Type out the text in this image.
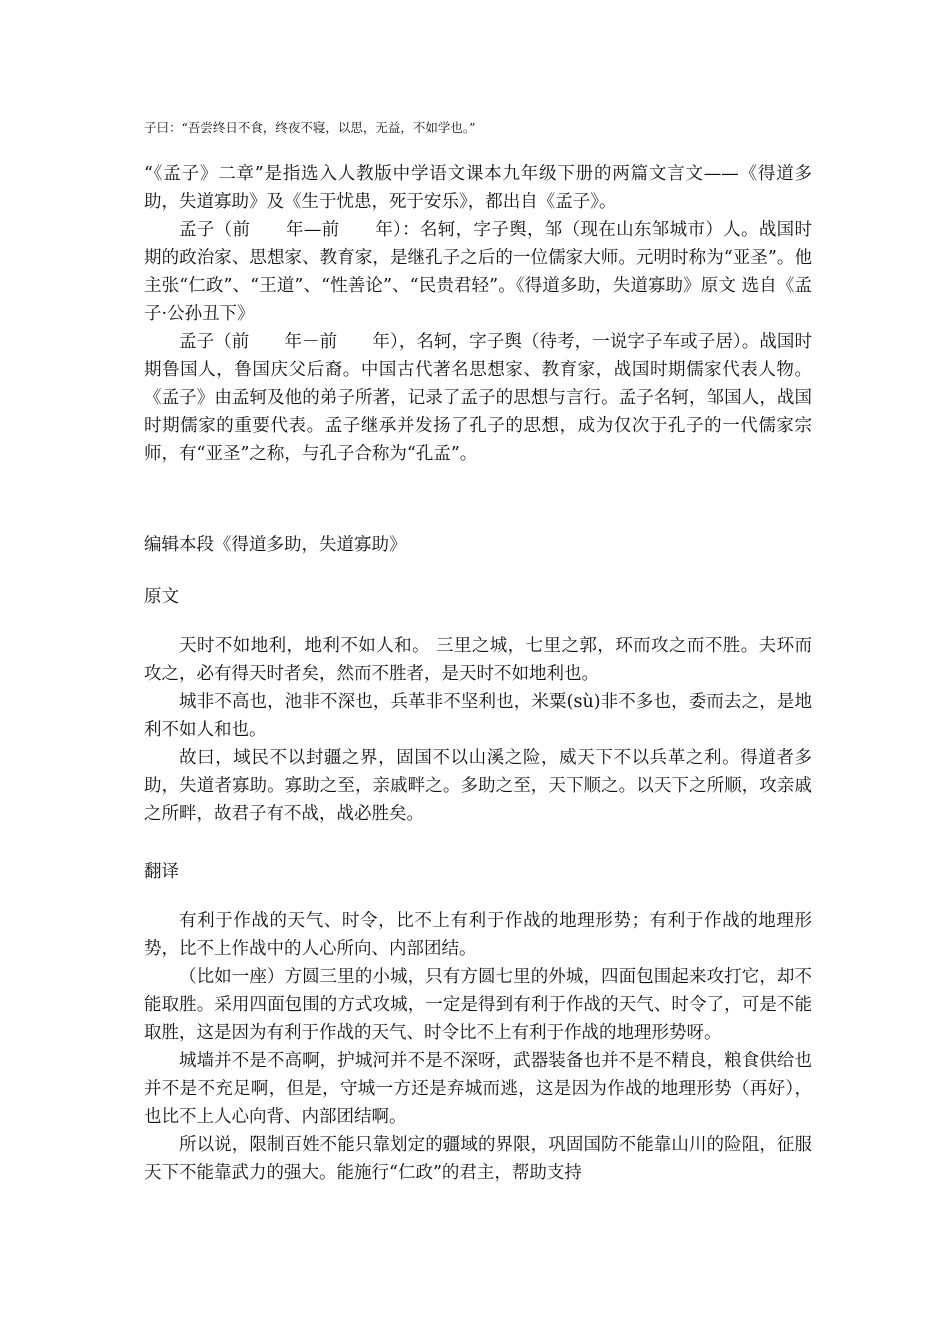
子曰：“吾尝终日不食，终夜不寝，以思，无益，不如学也。”

“《孟子》二章”是指选入人教版中学语文课本九年级下册的两篇文言文——《得道多助，失道寡助》及《生于忧患，死于安乐》，都出自《孟子》。

孟子（前　　年—前　　年）：名轲，字子舆，邹（现在山东邹城市）人。战国时期的政治家、思想家、教育家，是继孔子之后的一位儒家大师。元明时称为“亚圣”。他主张“仁政”、“王道”、“性善论”、“民贵君轻”。《得道多助，失道寡助》原文 选自《孟子·公孙丑下》

孟子（前　　年－前　　年），名轲，字子舆（待考，一说字子车或子居）。战国时期鲁国人，鲁国庆父后裔。中国古代著名思想家、教育家，战国时期儒家代表人物。《孟子》由孟轲及他的弟子所著，记录了孟子的思想与言行。孟子名轲，邹国人，战国时期儒家的重要代表。孟子继承并发扬了孔子的思想，成为仅次于孔子的一代儒家宗师，有“亚圣”之称，与孔子合称为“孔孟”。

编辑本段《得道多助，失道寡助》
原文

天时不如地利，地利不如人和。 三里之城，七里之郭，环而攻之而不胜。夫环而攻之，必有得天时者矣，然而不胜者，是天时不如地利也。

城非不高也，池非不深也，兵革非不坚利也，米粟(sù)非不多也，委而去之，是地利不如人和也。

故曰，域民不以封疆之界，固国不以山溪之险，威天下不以兵革之利。得道者多助，失道者寡助。寡助之至，亲戚畔之。多助之至，天下顺之。以天下之所顺，攻亲戚之所畔，故君子有不战，战必胜矣。

翻译

有利于作战的天气、时令，比不上有利于作战的地理形势；有利于作战的地理形势，比不上作战中的人心所向、内部团结。

（比如一座）方圆三里的小城，只有方圆七里的外城，四面包围起来攻打它，却不能取胜。采用四面包围的方式攻城，一定是得到有利于作战的天气、时令了，可是不能取胜，这是因为有利于作战的天气、时令比不上有利于作战的地理形势呀。

城墙并不是不高啊，护城河并不是不深呀，武器装备也并不是不精良，粮食供给也并不是不充足啊，但是，守城一方还是弃城而逃，这是因为作战的地理形势（再好），也比不上人心向背、内部团结啊。

所以说，限制百姓不能只靠划定的疆域的界限，巩固国防不能靠山川的险阻，征服天下不能靠武力的强大。能施行“仁政”的君主，帮助支持
